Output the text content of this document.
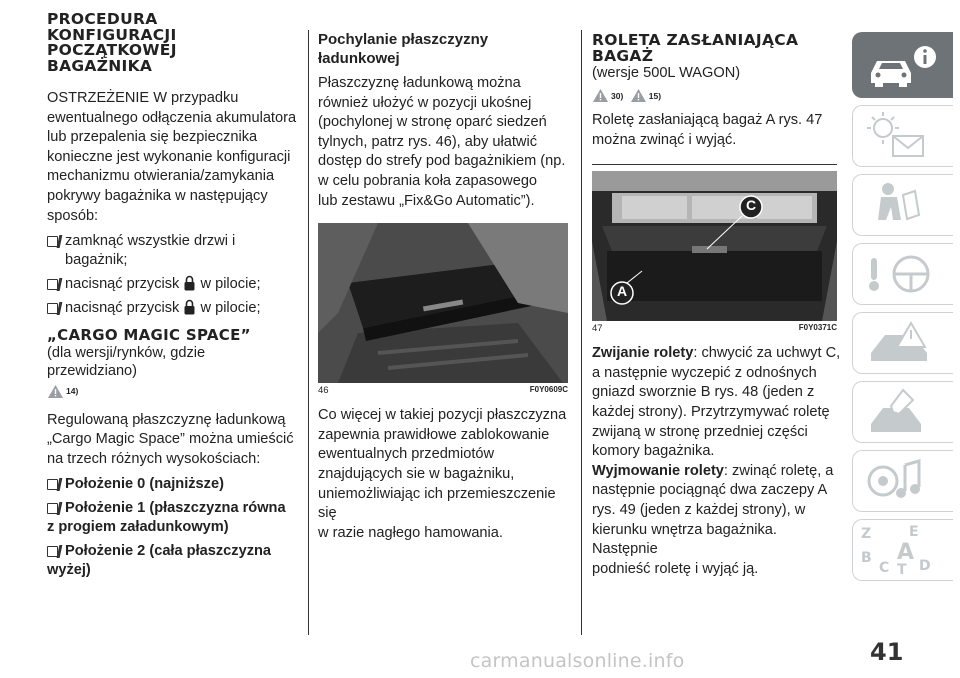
PROCEDURA
KONFIGURACJI
POCZĄTKOWEJ
BAGAŻNIKA

OSTRZEŻENIE W przypadku

ewentualnego odłączenia akumulatora

lub przepalenia się bezpiecznika

konieczne jest wykonanie konfiguracji

mechanizmu otwierania/zamykania

pokrywy bagażnika w następujący

sposób:

zamknąć wszystkie drzwi i bagażnik;
nacisnąć przycisk w pilocie;
nacisnąć przycisk w pilocie;
„CARGO MAGIC SPACE”
(dla wersji/rynków, gdzie przewidziano)
14)

Regulowaną płaszczyznę ładunkową

„Cargo Magic Space” można umieścić

na trzech różnych wysokościach:

Położenie 0 (najniższe)
Położenie 1 (płaszczyzna równa
z progiem załadunkowym)
Położenie 2 (cała płaszczyzna
wyżej)
Pochylanie płaszczyzny ładunkowej

Płaszczyznę ładunkową można

również ułożyć w pozycji ukośnej

(pochylonej w stronę oparć siedzeń

tylnych, patrz rys. 46), aby ułatwić

dostęp do strefy pod bagażnikiem (np.

w celu pobrania koła zapasowego

lub zestawu „Fix&Go Automatic”).

46	F0Y0609C

Co więcej w takiej pozycji płaszczyzna

zapewnia prawidłowe zablokowanie

ewentualnych przedmiotów

znajdujących sie w bagażniku,

uniemożliwiając ich przemieszczenie się

w razie nagłego hamowania.

ROLETA ZASŁANIAJĄCA
BAGAŻ
(wersje 500L WAGON)
30)	15)

Roletę zasłaniającą bagaż A rys. 47

można zwinąć i wyjąć.

C
A
47	F0Y0371C

Zwijanie rolety: chwycić za uchwyt C,

a następnie wyczepić z odnośnych

gniazd sworznie B rys. 48 (jeden z

każdej strony). Przytrzymywać roletę

zwijaną w stronę przedniej części

komory bagażnika.

Wyjmowanie rolety: zwinąć roletę, a

następnie pociągnąć dwa zaczepy A

rys. 49 (jeden z każdej strony), w

kierunku wnętrza bagażnika. Następnie

podnieść roletę i wyjąć ją.

Z	E
B A
C T D
41
carmanualsonline.info
